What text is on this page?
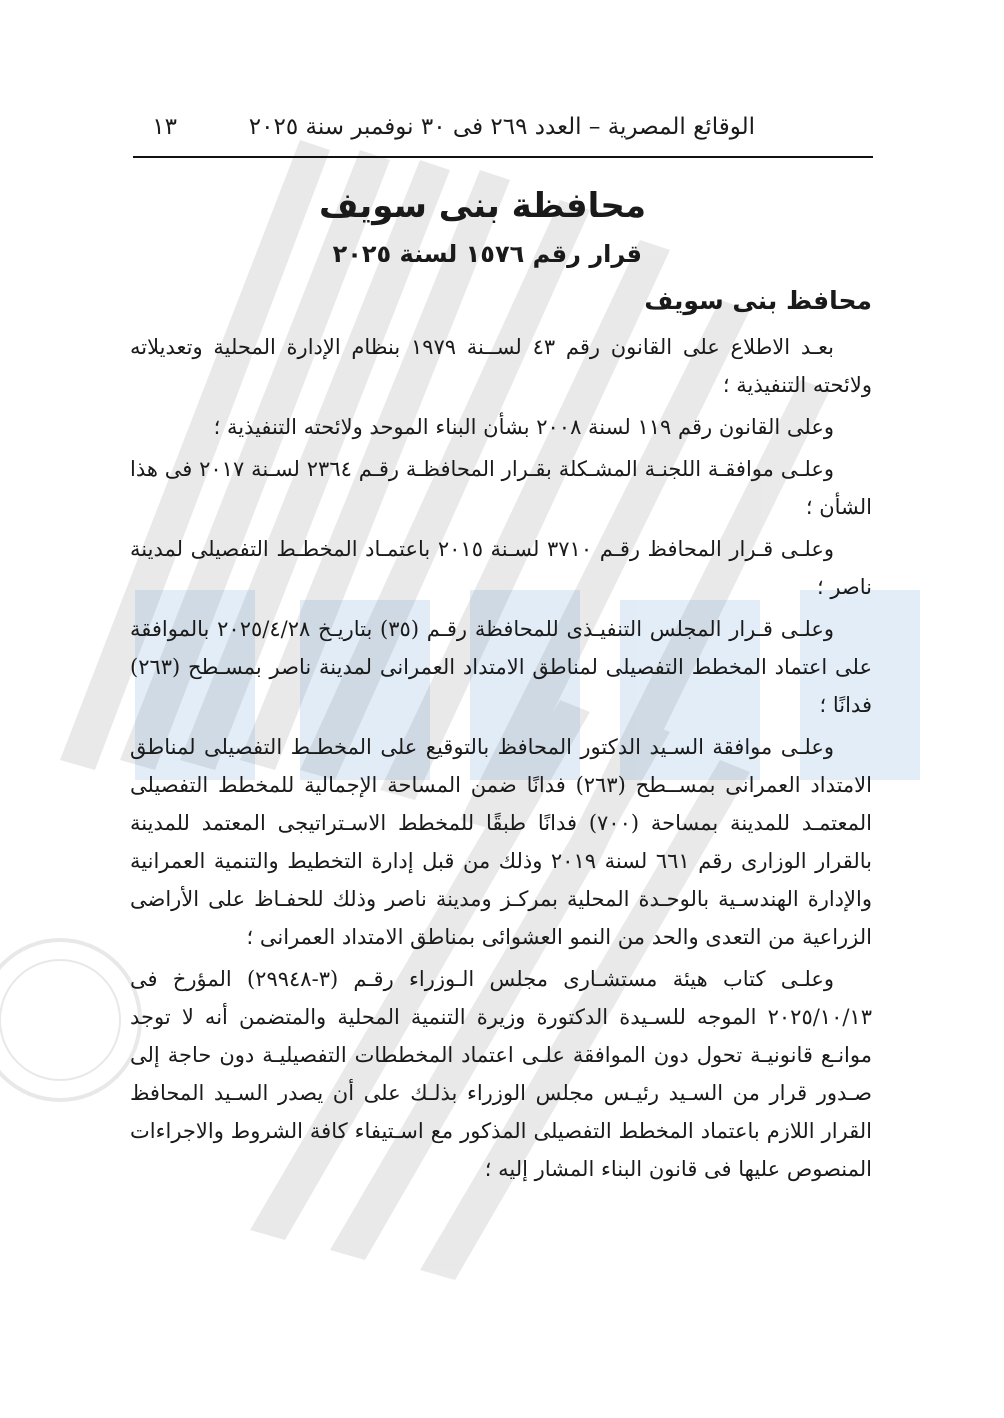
الوقائع المصرية – العدد ٢٦٩ فى ٣٠ نوفمبر سنة ٢٠٢٥
١٣
محافظة بنى سويف
قرار رقم ١٥٧٦ لسنة ٢٠٢٥
محافظ بنى سويف

بعـد الاطلاع على القانون رقم ٤٣ لســنة ١٩٧٩ بنظام الإدارة المحلية وتعديلاته ولائحته التنفيذية ؛

وعلى القانون رقم ١١٩ لسنة ٢٠٠٨ بشأن البناء الموحد ولائحته التنفيذية ؛

وعلـى موافقـة اللجنـة المشـكلة بقـرار المحافظـة رقـم ٢٣٦٤ لسـنة ٢٠١٧ فى هذا الشأن ؛

وعلـى قـرار المحافظ رقـم ٣٧١٠ لسـنة ٢٠١٥ باعتمـاد المخطـط التفصيلى لمدينة ناصر ؛

وعلـى قـرار المجلس التنفيـذى للمحافظة رقـم (٣٥) بتاريـخ ٢٠٢٥/٤/٢٨ بالموافقة على اعتماد المخطط التفصيلى لمناطق الامتداد العمرانى لمدينة ناصر بمسـطح (٢٦٣) فدانًا ؛

وعلـى موافقة السـيد الدكتور المحافظ بالتوقيع على المخطـط التفصيلى لمناطق الامتداد العمرانى بمســطح (٢٦٣) فدانًا ضمن المساحة الإجمالية للمخطط التفصيلى المعتمـد للمدينة بمساحة (٧٠٠) فدانًا طبقًا للمخطط الاسـتراتيجى المعتمد للمدينة بالقرار الوزارى رقم ٦٦١ لسنة ٢٠١٩ وذلك من قبل إدارة التخطيط والتنمية العمرانية والإدارة الهندسـية بالوحـدة المحلية بمركـز ومدينة ناصر وذلك للحفـاظ على الأراضى الزراعية من التعدى والحد من النمو العشوائى بمناطق الامتداد العمرانى ؛

وعلـى كتاب هيئة مستشـارى مجلس الـوزراء رقـم (٣-٢٩٩٤٨) المؤرخ فى ٢٠٢٥/١٠/١٣ الموجه للسـيدة الدكتورة وزيرة التنمية المحلية والمتضمن أنه لا توجد موانـع قانونيـة تحول دون الموافقة علـى اعتماد المخططات التفصيليـة دون حاجة إلى صـدور قرار من السـيد رئيـس مجلس الوزراء بذلـك على أن يصدر السـيد المحافظ القرار اللازم باعتماد المخطط التفصيلى المذكور مع اسـتيفاء كافة الشروط والاجراءات المنصوص عليها فى قانون البناء المشار إليه ؛
